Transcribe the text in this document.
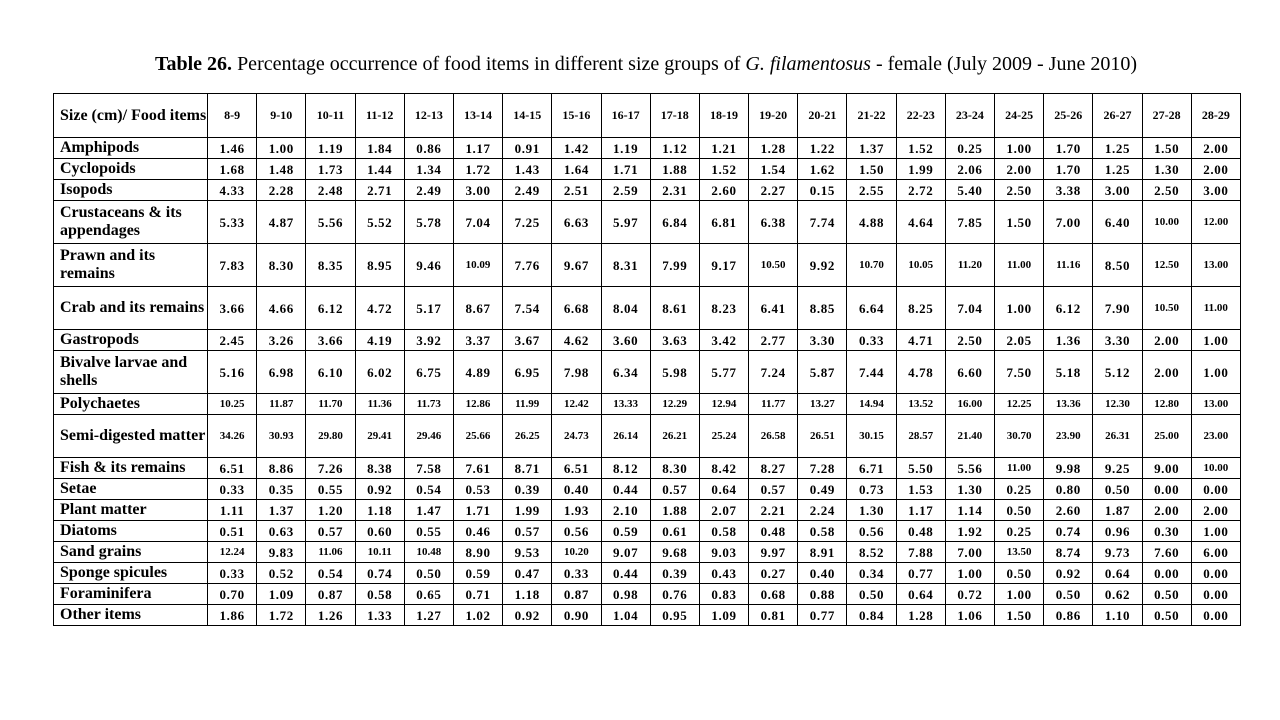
Table 26. Percentage occurrence of food items in different size groups of G. filamentosus - female (July 2009 - June 2010)
Size (cm)/ Food items	8-9	9-10	10-11	11-12	12-13	13-14	14-15	15-16	16-17	17-18	18-19	19-20	20-21	21-22	22-23	23-24	24-25	25-26	26-27	27-28	28-29
Amphipods	1.46	1.00	1.19	1.84	0.86	1.17	0.91	1.42	1.19	1.12	1.21	1.28	1.22	1.37	1.52	0.25	1.00	1.70	1.25	1.50	2.00
Cyclopoids	1.68	1.48	1.73	1.44	1.34	1.72	1.43	1.64	1.71	1.88	1.52	1.54	1.62	1.50	1.99	2.06	2.00	1.70	1.25	1.30	2.00
Isopods	4.33	2.28	2.48	2.71	2.49	3.00	2.49	2.51	2.59	2.31	2.60	2.27	0.15	2.55	2.72	5.40	2.50	3.38	3.00	2.50	3.00
Crustaceans & its appendages	5.33	4.87	5.56	5.52	5.78	7.04	7.25	6.63	5.97	6.84	6.81	6.38	7.74	4.88	4.64	7.85	1.50	7.00	6.40	10.00	12.00
Prawn and its remains	7.83	8.30	8.35	8.95	9.46	10.09	7.76	9.67	8.31	7.99	9.17	10.50	9.92	10.70	10.05	11.20	11.00	11.16	8.50	12.50	13.00
Crab and its remains	3.66	4.66	6.12	4.72	5.17	8.67	7.54	6.68	8.04	8.61	8.23	6.41	8.85	6.64	8.25	7.04	1.00	6.12	7.90	10.50	11.00
Gastropods	2.45	3.26	3.66	4.19	3.92	3.37	3.67	4.62	3.60	3.63	3.42	2.77	3.30	0.33	4.71	2.50	2.05	1.36	3.30	2.00	1.00
Bivalve larvae and shells	5.16	6.98	6.10	6.02	6.75	4.89	6.95	7.98	6.34	5.98	5.77	7.24	5.87	7.44	4.78	6.60	7.50	5.18	5.12	2.00	1.00
Polychaetes	10.25	11.87	11.70	11.36	11.73	12.86	11.99	12.42	13.33	12.29	12.94	11.77	13.27	14.94	13.52	16.00	12.25	13.36	12.30	12.80	13.00
Semi-digested matter	34.26	30.93	29.80	29.41	29.46	25.66	26.25	24.73	26.14	26.21	25.24	26.58	26.51	30.15	28.57	21.40	30.70	23.90	26.31	25.00	23.00
Fish & its remains	6.51	8.86	7.26	8.38	7.58	7.61	8.71	6.51	8.12	8.30	8.42	8.27	7.28	6.71	5.50	5.56	11.00	9.98	9.25	9.00	10.00
Setae	0.33	0.35	0.55	0.92	0.54	0.53	0.39	0.40	0.44	0.57	0.64	0.57	0.49	0.73	1.53	1.30	0.25	0.80	0.50	0.00	0.00
Plant matter	1.11	1.37	1.20	1.18	1.47	1.71	1.99	1.93	2.10	1.88	2.07	2.21	2.24	1.30	1.17	1.14	0.50	2.60	1.87	2.00	2.00
Diatoms	0.51	0.63	0.57	0.60	0.55	0.46	0.57	0.56	0.59	0.61	0.58	0.48	0.58	0.56	0.48	1.92	0.25	0.74	0.96	0.30	1.00
Sand grains	12.24	9.83	11.06	10.11	10.48	8.90	9.53	10.20	9.07	9.68	9.03	9.97	8.91	8.52	7.88	7.00	13.50	8.74	9.73	7.60	6.00
Sponge spicules	0.33	0.52	0.54	0.74	0.50	0.59	0.47	0.33	0.44	0.39	0.43	0.27	0.40	0.34	0.77	1.00	0.50	0.92	0.64	0.00	0.00
Foraminifera	0.70	1.09	0.87	0.58	0.65	0.71	1.18	0.87	0.98	0.76	0.83	0.68	0.88	0.50	0.64	0.72	1.00	0.50	0.62	0.50	0.00
Other items	1.86	1.72	1.26	1.33	1.27	1.02	0.92	0.90	1.04	0.95	1.09	0.81	0.77	0.84	1.28	1.06	1.50	0.86	1.10	0.50	0.00
